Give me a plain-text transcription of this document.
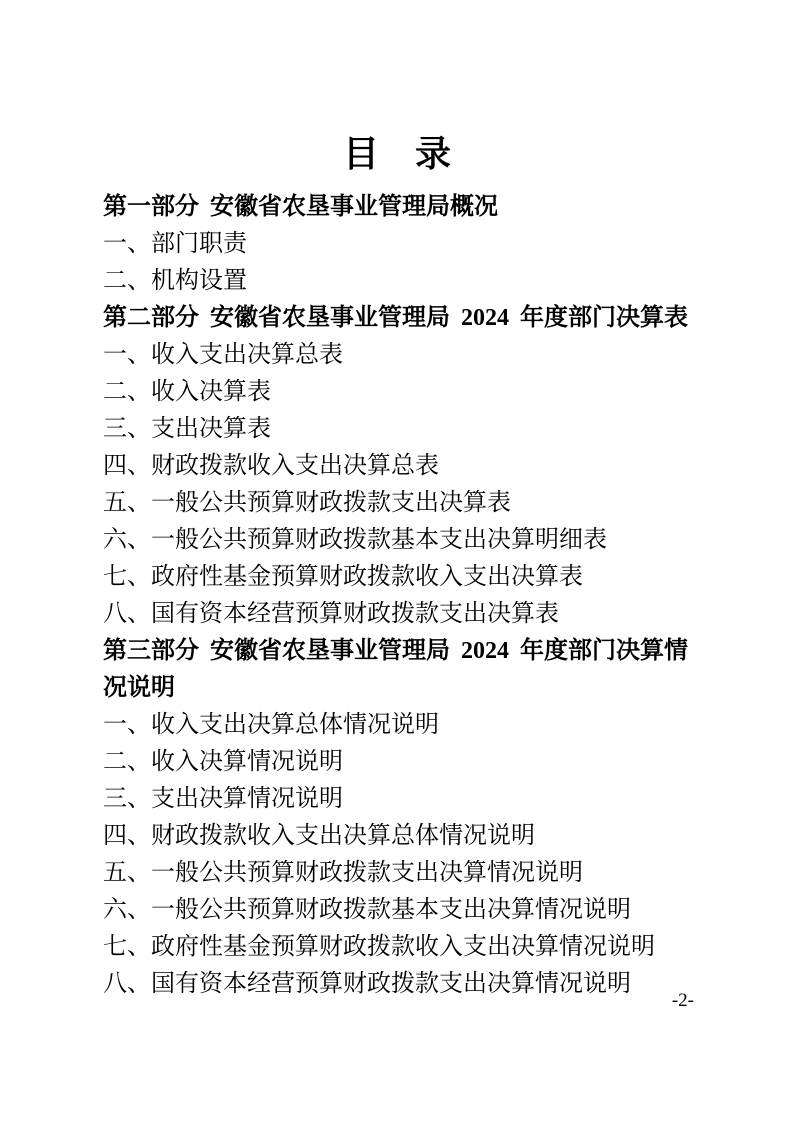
目　录

第一部分 安徽省农垦事业管理局概况

一、部门职责

二、机构设置

第二部分 安徽省农垦事业管理局 2024 年度部门决算表

一、收入支出决算总表

二、收入决算表

三、支出决算表

四、财政拨款收入支出决算总表

五、一般公共预算财政拨款支出决算表

六、一般公共预算财政拨款基本支出决算明细表

七、政府性基金预算财政拨款收入支出决算表

八、国有资本经营预算财政拨款支出决算表

第三部分 安徽省农垦事业管理局 2024 年度部门决算情况说明

一、收入支出决算总体情况说明

二、收入决算情况说明

三、支出决算情况说明

四、财政拨款收入支出决算总体情况说明

五、一般公共预算财政拨款支出决算情况说明

六、一般公共预算财政拨款基本支出决算情况说明

七、政府性基金预算财政拨款收入支出决算情况说明

八、国有资本经营预算财政拨款支出决算情况说明

-2-
